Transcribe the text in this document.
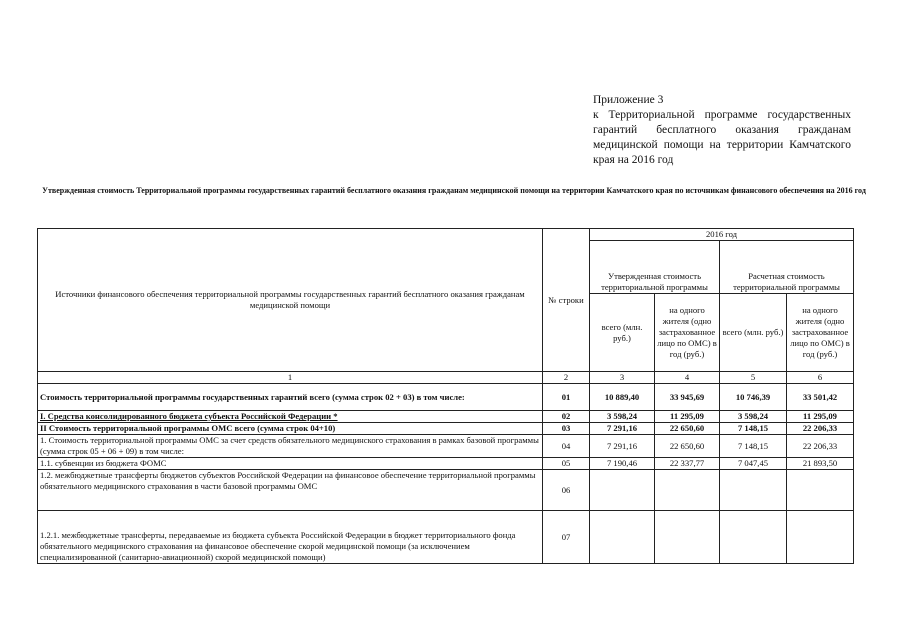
Приложение 3
к Территориальной программе государственных гарантий бесплатного оказания гражданам медицинской помощи на территории Камчатского края на 2016 год
Утвержденная стоимость Территориальной программы государственных гарантий бесплатного оказания гражданам медицинской помощи на территории Камчатского края по источникам финансового обеспечения на 2016 год
Источники финансового обеспечения территориальной программы государственных гарантий бесплатного оказания гражданам медицинской помощи	№ строки	2016 год			
		Утвержденная стоимость территориальной программы		Расчетная стоимость территориальной программы	
		всего (млн. руб.)	на одного жителя (одно застрахованное лицо по ОМС) в год (руб.)	всего (млн. руб.)	на одного жителя (одно застрахованное лицо по ОМС) в год (руб.)
1	2	3	4	5	6
Стоимость территориальной программы государственных гарантий всего (сумма строк 02 + 03) в том числе:	01	10 889,40	33 945,69	10 746,39	33 501,42
I. Средства консолидированного бюджета субъекта Российской Федерации *	02	3 598,24	11 295,09	3 598,24	11 295,09
II Стоимость территориальной программы ОМС всего (сумма строк 04+10)	03	7 291,16	22 650,60	7 148,15	22 206,33
1. Стоимость территориальной программы ОМС за счет средств обязательного медицинского страхования в рамках базовой программы (сумма строк 05 + 06 + 09) в том числе:	04	7 291,16	22 650,60	7 148,15	22 206,33
1.1. субвенции из бюджета ФОМС	05	7 190,46	22 337,77	7 047,45	21 893,50
1.2. межбюджетные трансферты бюджетов субъектов Российской Федерации на финансовое обеспечение территориальной программы обязательного медицинского страхования в части базовой программы ОМС	06				
1.2.1. межбюджетные трансферты, передаваемые из бюджета субъекта Российской Федерации в бюджет территориального фонда обязательного медицинского страхования на финансовое обеспечение скорой медицинской помощи (за исключением специализированной (санитарно-авиационной) скорой медицинской помощи)	07				
